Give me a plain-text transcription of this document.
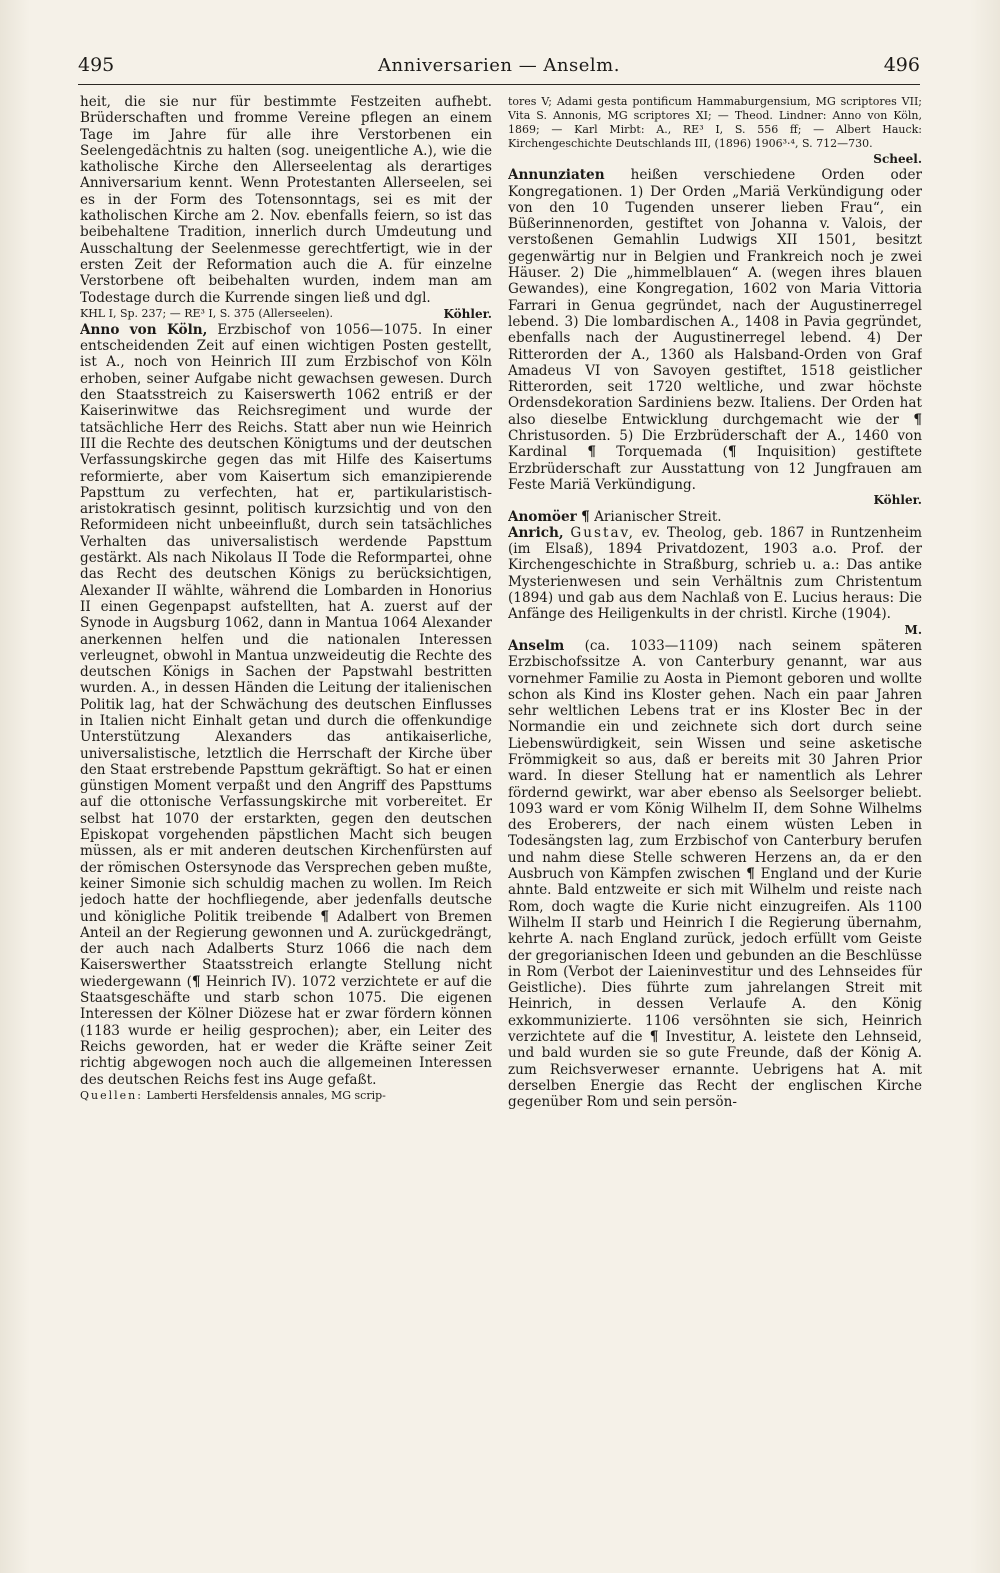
495	Anniversarien — Anselm.	496

heit, die sie nur für bestimmte Festzeiten aufhebt. Brüderschaften und fromme Vereine pflegen an einem Tage im Jahre für alle ihre Verstorbenen ein Seelengedächtnis zu halten (sog. uneigentliche A.), wie die katholische Kirche den Allerseelentag als derartiges Anniversarium kennt. Wenn Protestanten Allerseelen, sei es in der Form des Totensonntags, sei es mit der katholischen Kirche am 2. Nov. ebenfalls feiern, so ist das beibehaltene Tradition, innerlich durch Umdeutung und Ausschaltung der Seelenmesse gerechtfertigt, wie in der ersten Zeit der Reformation auch die A. für einzelne Verstorbene oft beibehalten wurden, indem man am Todestage durch die Kurrende singen ließ und dgl.

KHL I, Sp. 237; — RE³ I, S. 375 (Allerseelen).	Köhler.

Anno von Köln, Erzbischof von 1056—1075. In einer entscheidenden Zeit auf einen wichtigen Posten gestellt, ist A., noch von Heinrich III zum Erzbischof von Köln erhoben, seiner Aufgabe nicht gewachsen gewesen. Durch den Staatsstreich zu Kaiserswerth 1062 entriß er der Kaiserinwitwe das Reichsregiment und wurde der tatsächliche Herr des Reichs. Statt aber nun wie Heinrich III die Rechte des deutschen Königtums und der deutschen Verfassungskirche gegen das mit Hilfe des Kaisertums reformierte, aber vom Kaisertum sich emanzipierende Papsttum zu verfechten, hat er, partikularistisch-aristokratisch gesinnt, politisch kurzsichtig und von den Reformideen nicht unbeeinflußt, durch sein tatsächliches Verhalten das universalistisch werdende Papsttum gestärkt. Als nach Nikolaus II Tode die Reformpartei, ohne das Recht des deutschen Königs zu berücksichtigen, Alexander II wählte, während die Lombarden in Honorius II einen Gegenpapst aufstellten, hat A. zuerst auf der Synode in Augsburg 1062, dann in Mantua 1064 Alexander anerkennen helfen und die nationalen Interessen verleugnet, obwohl in Mantua unzweideutig die Rechte des deutschen Königs in Sachen der Papstwahl bestritten wurden. A., in dessen Händen die Leitung der italienischen Politik lag, hat der Schwächung des deutschen Einflusses in Italien nicht Einhalt getan und durch die offenkundige Unterstützung Alexanders das antikaiserliche, universalistische, letztlich die Herrschaft der Kirche über den Staat erstrebende Papsttum gekräftigt. So hat er einen günstigen Moment verpaßt und den Angriff des Papsttums auf die ottonische Verfassungskirche mit vorbereitet. Er selbst hat 1070 der erstarkten, gegen den deutschen Episkopat vorgehenden päpstlichen Macht sich beugen müssen, als er mit anderen deutschen Kirchenfürsten auf der römischen Ostersynode das Versprechen geben mußte, keiner Simonie sich schuldig machen zu wollen. Im Reich jedoch hatte der hochfliegende, aber jedenfalls deutsche und königliche Politik treibende ¶ Adalbert von Bremen Anteil an der Regierung gewonnen und A. zurückgedrängt, der auch nach Adalberts Sturz 1066 die nach dem Kaiserswerther Staatsstreich erlangte Stellung nicht wiedergewann (¶ Heinrich IV). 1072 verzichtete er auf die Staatsgeschäfte und starb schon 1075. Die eigenen Interessen der Kölner Diözese hat er zwar fördern können (1183 wurde er heilig gesprochen); aber, ein Leiter des Reichs geworden, hat er weder die Kräfte seiner Zeit richtig abgewogen noch auch die allgemeinen Interessen des deutschen Reichs fest ins Auge gefaßt.

Quellen: Lamberti Hersfeldensis annales, MG scrip-

tores V; Adami gesta pontificum Hammaburgensium, MG scriptores VII; Vita S. Annonis, MG scriptores XI; — Theod. Lindner: Anno von Köln, 1869; — Karl Mirbt: A., RE³ I, S. 556 ff; — Albert Hauck: Kirchengeschichte Deutschlands III, (1896) 1906³·⁴, S. 712—730.

Scheel.

Annunziaten heißen verschiedene Orden oder Kongregationen. 1) Der Orden „Mariä Verkündigung oder von den 10 Tugenden unserer lieben Frau“, ein Büßerinnenorden, gestiftet von Johanna v. Valois, der verstoßenen Gemahlin Ludwigs XII 1501, besitzt gegenwärtig nur in Belgien und Frankreich noch je zwei Häuser. 2) Die „himmelblauen“ A. (wegen ihres blauen Gewandes), eine Kongregation, 1602 von Maria Vittoria Farrari in Genua gegründet, nach der Augustinerregel lebend. 3) Die lombardischen A., 1408 in Pavia gegründet, ebenfalls nach der Augustinerregel lebend. 4) Der Ritterorden der A., 1360 als Halsband-Orden von Graf Amadeus VI von Savoyen gestiftet, 1518 geistlicher Ritterorden, seit 1720 weltliche, und zwar höchste Ordensdekoration Sardiniens bezw. Italiens. Der Orden hat also dieselbe Entwicklung durchgemacht wie der ¶ Christusorden. 5) Die Erzbrüderschaft der A., 1460 von Kardinal ¶ Torquemada (¶ Inquisition) gestiftete Erzbrüderschaft zur Ausstattung von 12 Jungfrauen am Feste Mariä Verkündigung.

Köhler.

Anomöer ¶ Arianischer Streit.

Anrich, Gustav, ev. Theolog, geb. 1867 in Runtzenheim (im Elsaß), 1894 Privatdozent, 1903 a.o. Prof. der Kirchengeschichte in Straßburg, schrieb u. a.: Das antike Mysterienwesen und sein Verhältnis zum Christentum (1894) und gab aus dem Nachlaß von E. Lucius heraus: Die Anfänge des Heiligenkults in der christl. Kirche (1904).

M.

Anselm (ca. 1033—1109) nach seinem späteren Erzbischofssitze A. von Canterbury genannt, war aus vornehmer Familie zu Aosta in Piemont geboren und wollte schon als Kind ins Kloster gehen. Nach ein paar Jahren sehr weltlichen Lebens trat er ins Kloster Bec in der Normandie ein und zeichnete sich dort durch seine Liebenswürdigkeit, sein Wissen und seine asketische Frömmigkeit so aus, daß er bereits mit 30 Jahren Prior ward. In dieser Stellung hat er namentlich als Lehrer fördernd gewirkt, war aber ebenso als Seelsorger beliebt. 1093 ward er vom König Wilhelm II, dem Sohne Wilhelms des Eroberers, der nach einem wüsten Leben in Todesängsten lag, zum Erzbischof von Canterbury berufen und nahm diese Stelle schweren Herzens an, da er den Ausbruch von Kämpfen zwischen ¶ England und der Kurie ahnte. Bald entzweite er sich mit Wilhelm und reiste nach Rom, doch wagte die Kurie nicht einzugreifen. Als 1100 Wilhelm II starb und Heinrich I die Regierung übernahm, kehrte A. nach England zurück, jedoch erfüllt vom Geiste der gregorianischen Ideen und gebunden an die Beschlüsse in Rom (Verbot der Laieninvestitur und des Lehnseides für Geistliche). Dies führte zum jahrelangen Streit mit Heinrich, in dessen Verlaufe A. den König exkommunizierte. 1106 versöhnten sie sich, Heinrich verzichtete auf die ¶ Investitur, A. leistete den Lehnseid, und bald wurden sie so gute Freunde, daß der König A. zum Reichsverweser ernannte. Uebrigens hat A. mit derselben Energie das Recht der englischen Kirche gegenüber Rom und sein persön-
